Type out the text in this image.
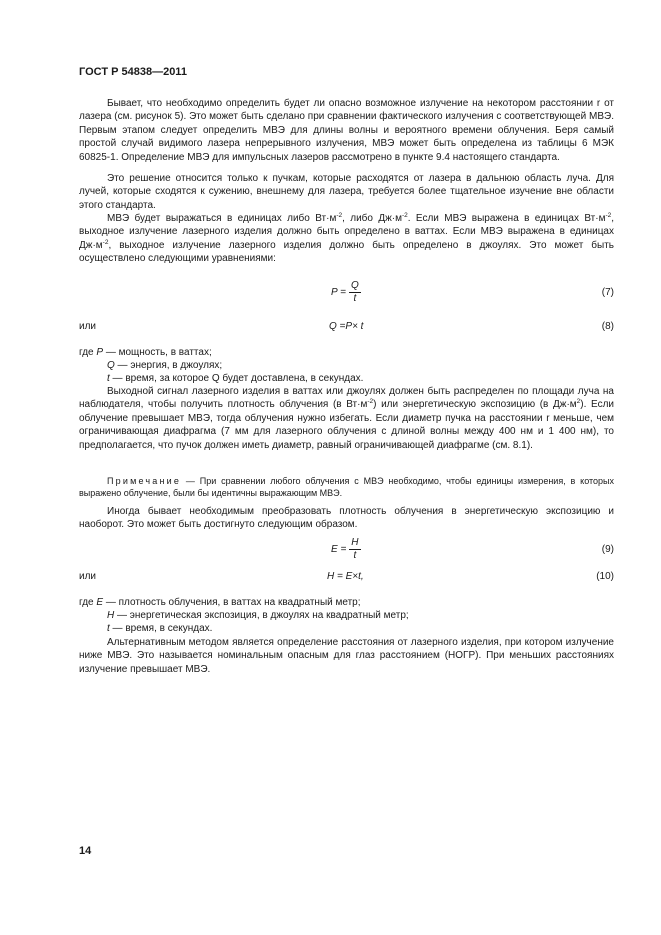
ГОСТ Р 54838—2011
Бывает, что необходимо определить будет ли опасно возможное излучение на некотором расстоянии r от лазера (см. рисунок 5). Это может быть сделано при сравнении фактического излучения с соответствующей МВЭ. Первым этапом следует определить МВЭ для длины волны и вероятного времени облучения. Беря самый простой случай видимого лазера непрерывного излучения, МВЭ может быть определена из таблицы 6 МЭК 60825-1. Определение МВЭ для импульсных лазеров рассмотрено в пункте 9.4 настоящего стандарта.
Это решение относится только к пучкам, которые расходятся от лазера в дальнюю область луча. Для лучей, которые сходятся к сужению, внешнему для лазера, требуется более тщательное изучение вне области этого стандарта.
МВЭ будет выражаться в единицах либо $Вт\cdot м^{-2}$, либо $Дж\cdot м^{-2}$. Если МВЭ выражена в единицах $Вт\cdot м^{-2}$, выходное излучение лазерного изделия должно быть определено в ваттах. Если МВЭ выражена в единицах $Дж\cdot м^{-2}$, выходное излучение лазерного изделия должно быть определено в джоулях. Это может быть осуществлено следующими уравнениями:
$P = \frac{Q}{t}$	(7)
или	Q =P× t	(8)
где P — мощность, в ваттах;
Q — энергия, в джоулях;
t — время, за которое Q будет доставлена, в секундах.
Выходной сигнал лазерного изделия в ваттах или джоулях должен быть распределен по площади луча на наблюдателя, чтобы получить плотность облучения (в $Вт\cdot м^{-2}$) или энергетическую экспозицию (в $Дж\cdot м^2$). Если облучение превышает МВЭ, тогда облучения нужно избегать. Если диаметр пучка на расстоянии r меньше, чем ограничивающая диафрагма (7 мм для лазерного облучения с длиной волны между 400 нм и 1 400 нм), то предполагается, что пучок должен иметь диаметр, равный ограничивающей диафрагме (см. 8.1).
Примечание — При сравнении любого облучения с МВЭ необходимо, чтобы единицы измерения, в которых выражено облучение, были бы идентичны выражающим МВЭ.
Иногда бывает необходимым преобразовать плотность облучения в энергетическую экспозицию и наоборот. Это может быть достигнуто следующим образом.
$E = \frac{H}{t}$	(9)
или	H = E×t,	(10)
где E — плотность облучения, в ваттах на квадратный метр;
H — энергетическая экспозиция, в джоулях на квадратный метр;
t — время, в секундах.
Альтернативным методом является определение расстояния от лазерного изделия, при котором излучение ниже МВЭ. Это называется номинальным опасным для глаз расстоянием (НОГР). При меньших расстояниях излучение превышает МВЭ.
14
